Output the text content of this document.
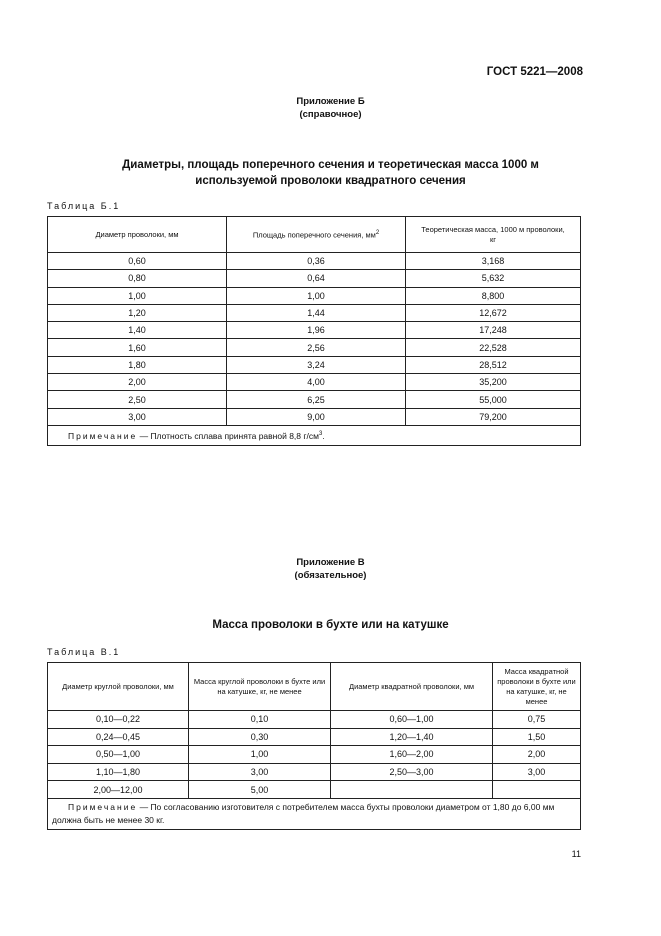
ГОСТ 5221—2008
Приложение Б
(справочное)
Диаметры, площадь поперечного сечения и теоретическая масса 1000 м
используемой проволоки квадратного сечения
Таблица Б.1
Диаметр проволоки, мм	Площадь поперечного сечения, $мм^2$	Теоретическая масса, 1000 м проволоки,
кг
0,60	0,36	3,168
0,80	0,64	5,632
1,00	1,00	8,800
1,20	1,44	12,672
1,40	1,96	17,248
1,60	2,56	22,528
1,80	3,24	28,512
2,00	4,00	35,200
2,50	6,25	55,000
3,00	9,00	79,200
Примечание — Плотность сплава принята равной 8,8 $г/см^3$.		
Приложение В
(обязательное)
Масса проволоки в бухте или на катушке
Таблица В.1
Диаметр круглой проволоки, мм	Масса круглой проволоки в бухте или на катушке, кг, не менее	Диаметр квадратной проволоки, мм	Масса квадратной проволоки в бухте или на катушке, кг, не менее
0,10—0,22	0,10	0,60—1,00	0,75
0,24—0,45	0,30	1,20—1,40	1,50
0,50—1,00	1,00	1,60—2,00	2,00
1,10—1,80	3,00	2,50—3,00	3,00
2,00—12,00	5,00		
Примечание — По согласованию изготовителя с потребителем масса бухты проволоки диаметром от 1,80 до 6,00 мм должна быть не менее 30 кг.			
11
